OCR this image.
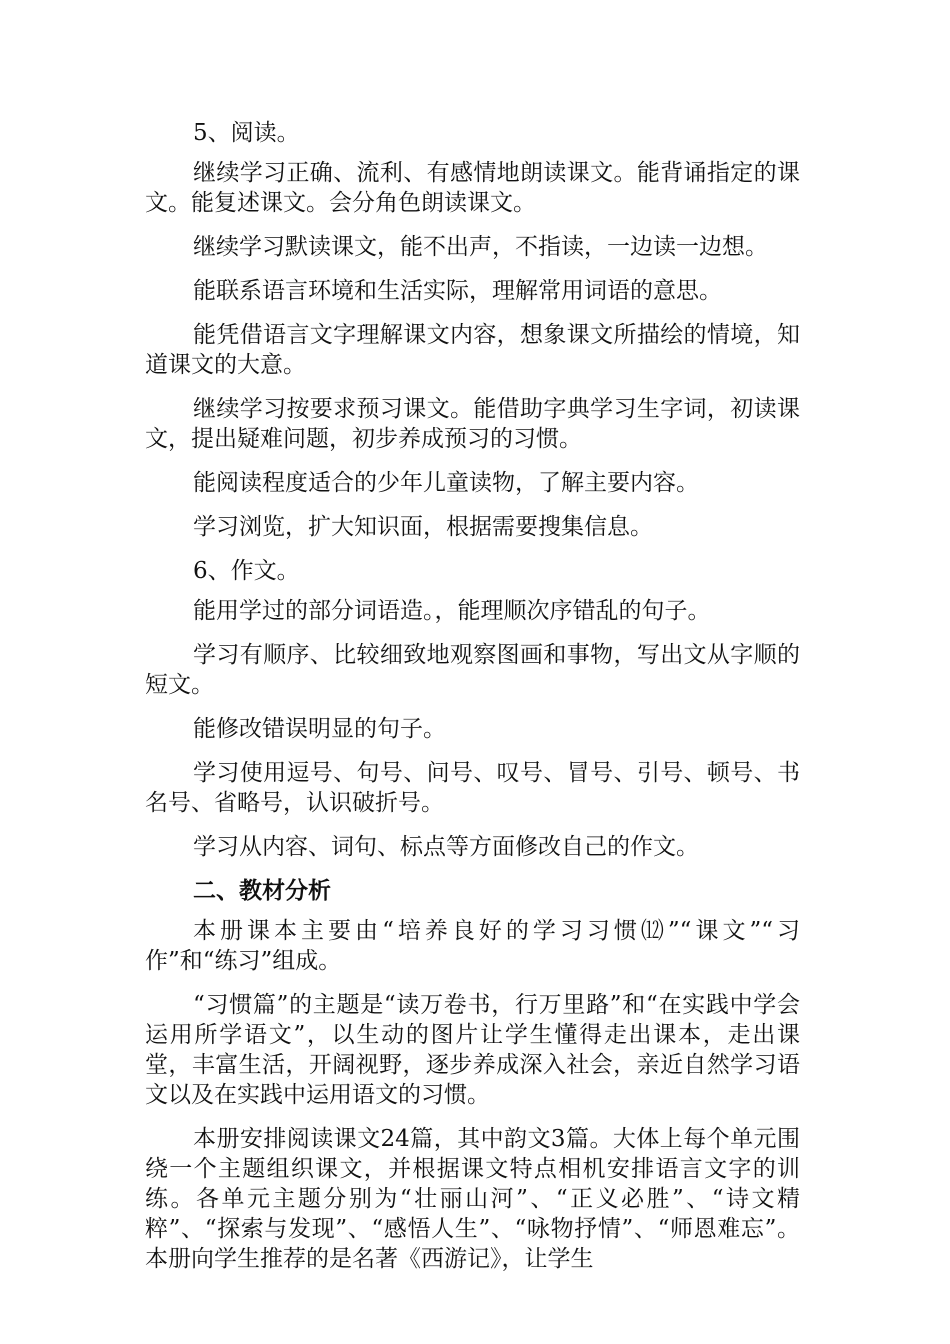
5、阅读。

继续学习正确、流利、有感情地朗读课文。能背诵指定的课文。能复述课文。会分角色朗读课文。

继续学习默读课文，能不出声，不指读，一边读一边想。

能联系语言环境和生活实际，理解常用词语的意思。

能凭借语言文字理解课文内容，想象课文所描绘的情境，知道课文的大意。

继续学习按要求预习课文。能借助字典学习生字词，初读课文，提出疑难问题，初步养成预习的习惯。

能阅读程度适合的少年儿童读物，了解主要内容。

学习浏览，扩大知识面，根据需要搜集信息。

6、作文。

能用学过的部分词语造。，能理顺次序错乱的句子。

学习有顺序、比较细致地观察图画和事物，写出文从字顺的短文。

能修改错误明显的句子。

学习使用逗号、句号、问号、叹号、冒号、引号、顿号、书名号、省略号，认识破折号。

学习从内容、词句、标点等方面修改自己的作文。

二、教材分析

本册课本主要由“培养良好的学习习惯⑿”“课文”“习作”和“练习”组成。

“习惯篇”的主题是“读万卷书，行万里路”和“在实践中学会运用所学语文”，以生动的图片让学生懂得走出课本，走出课堂，丰富生活，开阔视野，逐步养成深入社会，亲近自然学习语文以及在实践中运用语文的习惯。

本册安排阅读课文24篇，其中韵文3篇。大体上每个单元围绕一个主题组织课文，并根据课文特点相机安排语言文字的训练。各单元主题分别为“壮丽山河”、“正义必胜”、“诗文精粹”、“探索与发现”、“感悟人生”、“咏物抒情”、“师恩难忘”。本册向学生推荐的是名著《西游记》，让学生
